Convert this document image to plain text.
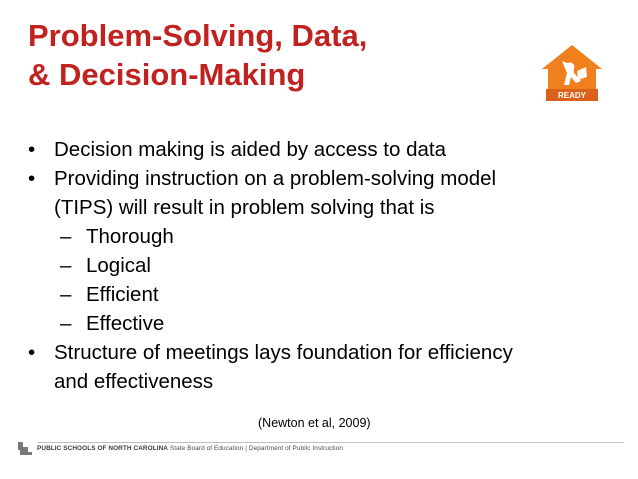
Problem-Solving, Data,
& Decision-Making
READY
• Decision making is aided by access to data
• Providing instruction on a problem-solving model
(TIPS) will result in problem solving that is
– Thorough
– Logical
– Efficient
– Effective
• Structure of meetings lays foundation for efficiency
and effectiveness
(Newton et al, 2009)
PUBLIC SCHOOLS OF NORTH CAROLINA State Board of Education | Department of Public Instruction
